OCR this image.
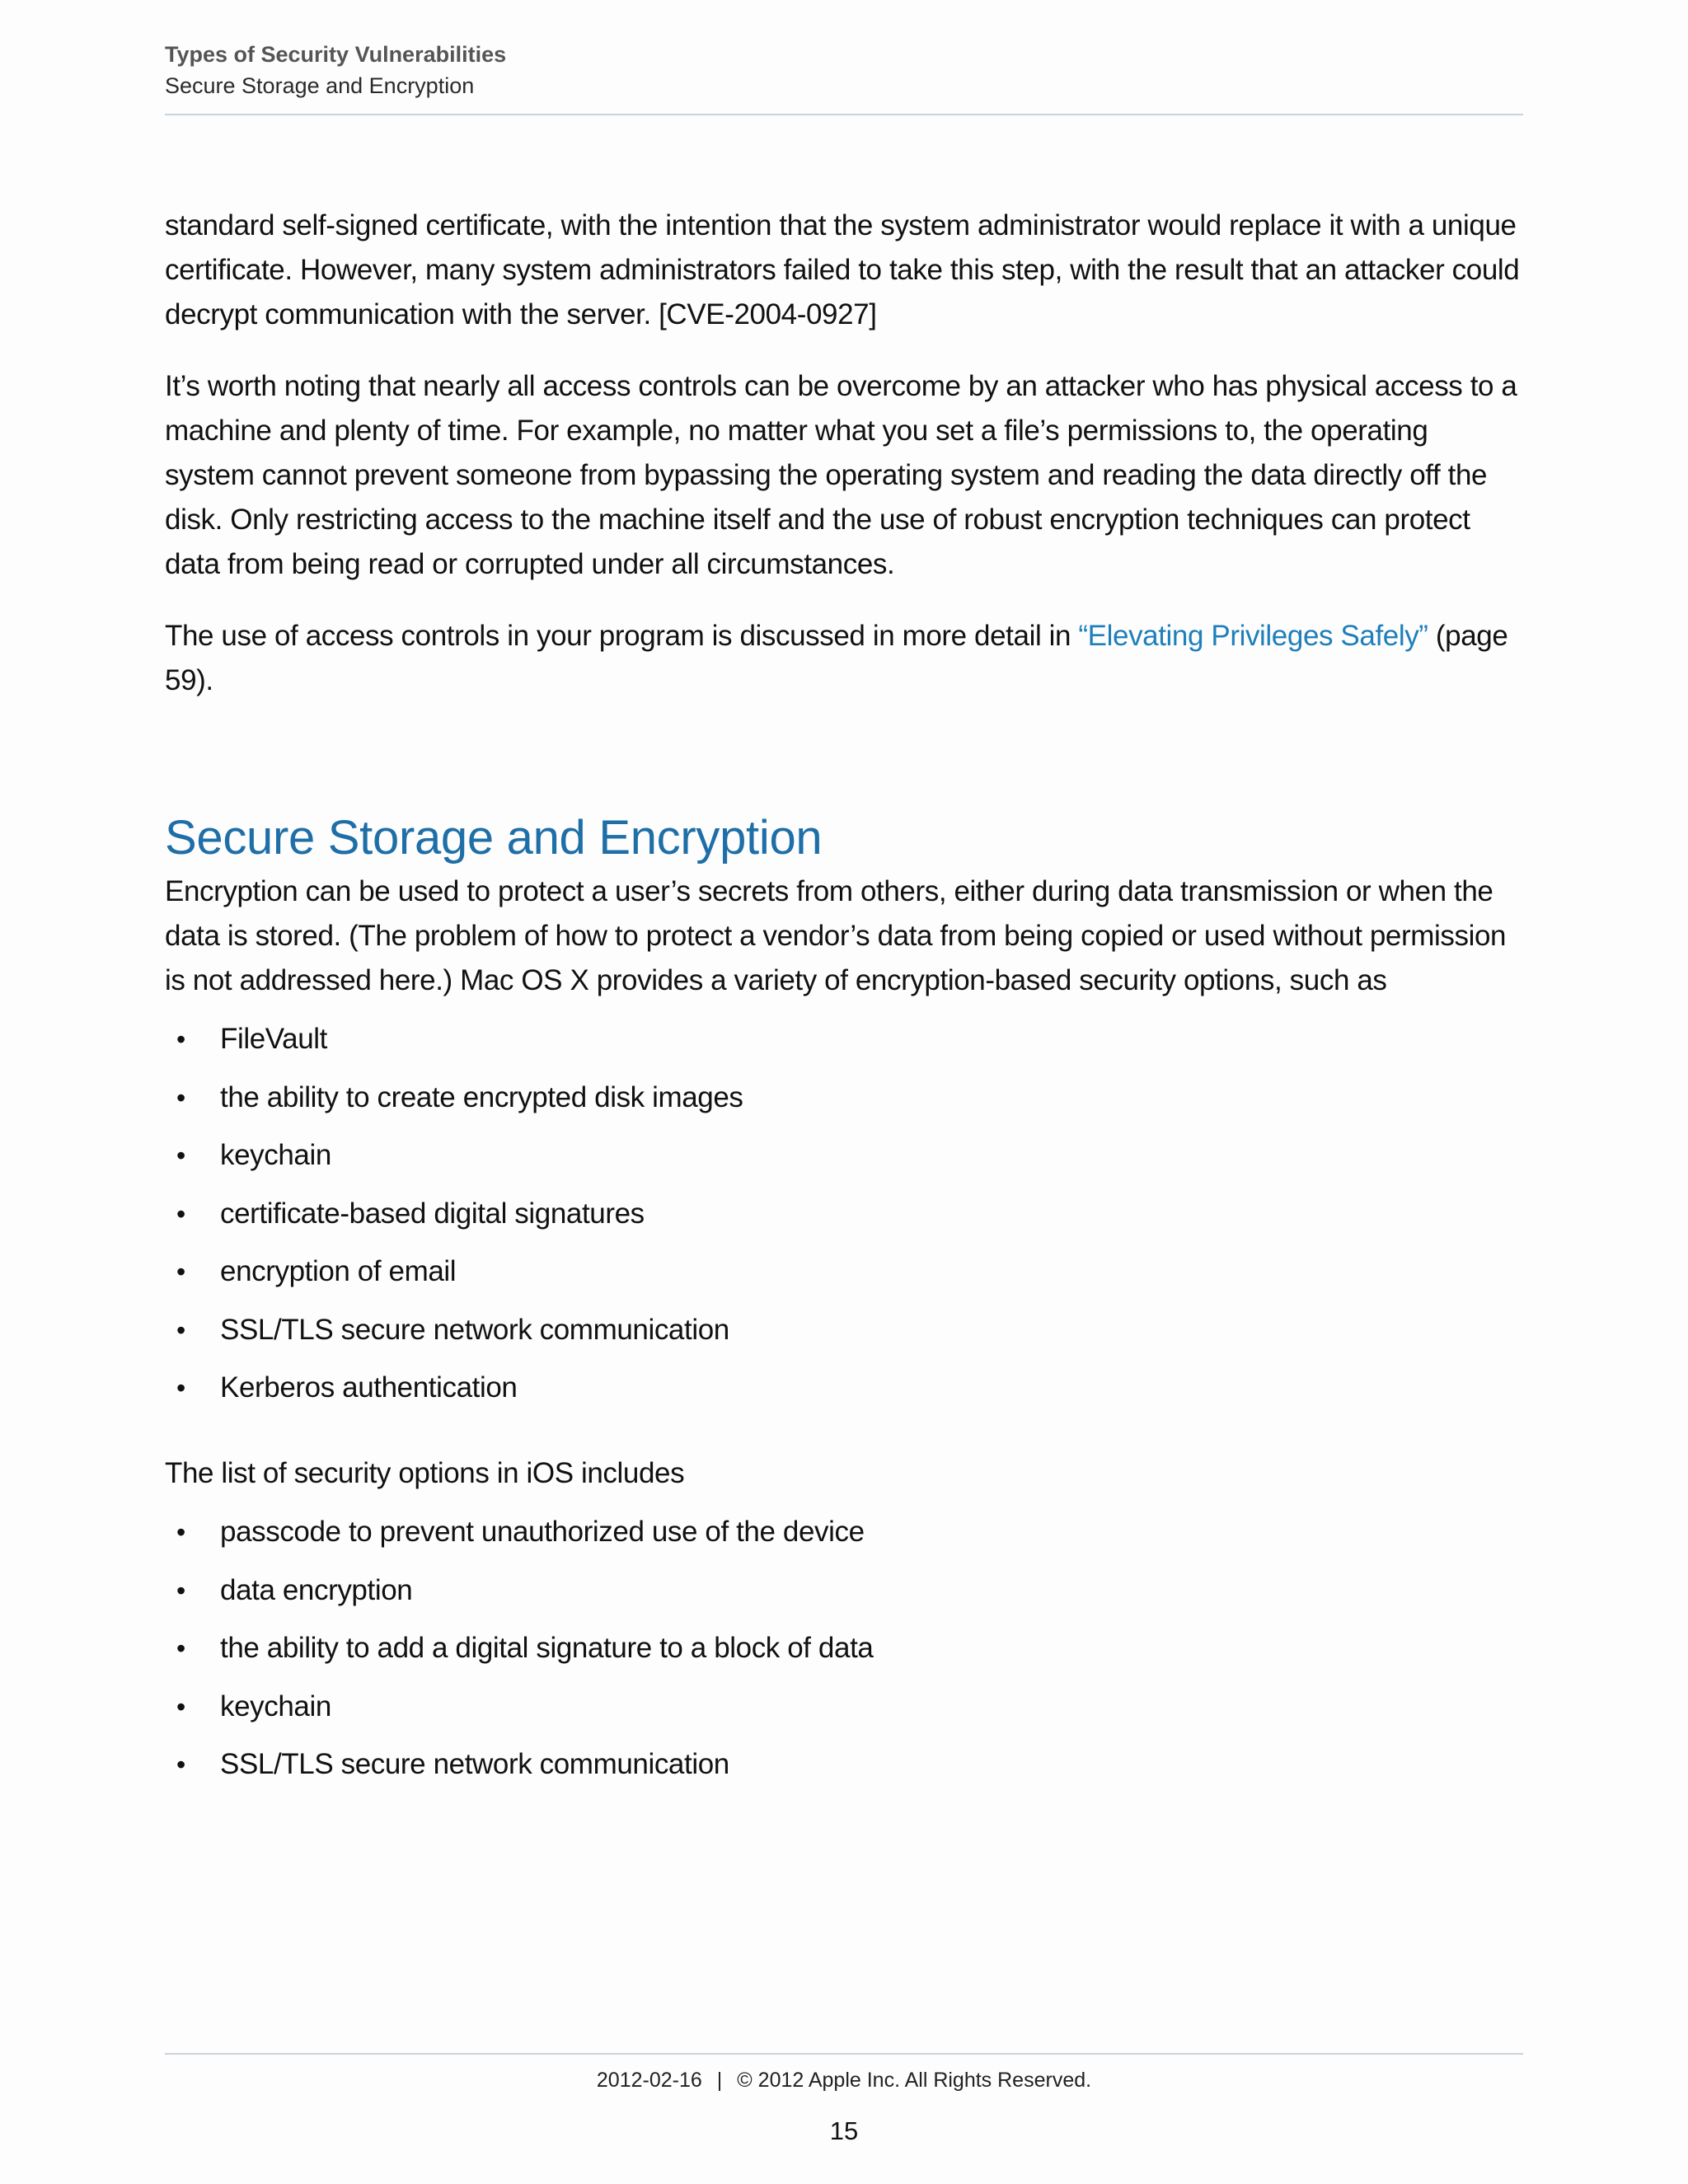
Types of Security Vulnerabilities
Secure Storage and Encryption

standard self-signed certificate, with the intention that the system administrator would replace it with a unique certificate. However, many system administrators failed to take this step, with the result that an attacker could decrypt communication with the server. [CVE-2004-0927]

It’s worth noting that nearly all access controls can be overcome by an attacker who has physical access to a machine and plenty of time. For example, no matter what you set a file’s permissions to, the operating system cannot prevent someone from bypassing the operating system and reading the data directly off the disk. Only restricting access to the machine itself and the use of robust encryption techniques can protect data from being read or corrupted under all circumstances.

The use of access controls in your program is discussed in more detail in “Elevating Privileges Safely” (page 59).

Secure Storage and Encryption

Encryption can be used to protect a user’s secrets from others, either during data transmission or when the data is stored. (The problem of how to protect a vendor’s data from being copied or used without permission is not addressed here.) Mac OS X provides a variety of encryption-based security options, such as

• FileVault
• the ability to create encrypted disk images
• keychain
• certificate-based digital signatures
• encryption of email
• SSL/TLS secure network communication
• Kerberos authentication

The list of security options in iOS includes

• passcode to prevent unauthorized use of the device
• data encryption
• the ability to add a digital signature to a block of data
• keychain
• SSL/TLS secure network communication
2012-02-16 | © 2012 Apple Inc. All Rights Reserved.
15
